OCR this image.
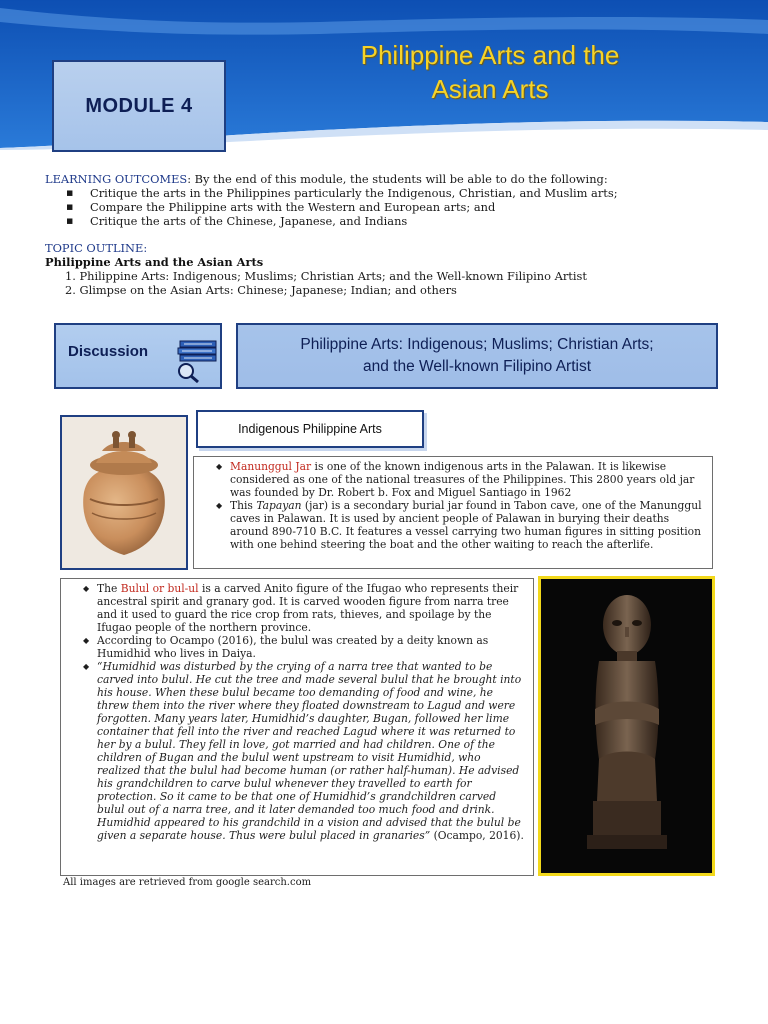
MODULE 4
Philippine Arts and the
Asian Arts
LEARNING OUTCOMES: By the end of this module, the students will be able to do the following:
▪ Critique the arts in the Philippines particularly the Indigenous, Christian, and Muslim arts;
▪ Compare the Philippine arts with the Western and European arts; and
▪ Critique the arts of the Chinese, Japanese, and Indians
TOPIC OUTLINE:
Philippine Arts and the Asian Arts
1. Philippine Arts: Indigenous; Muslims; Christian Arts; and the Well-known Filipino Artist
2. Glimpse on the Asian Arts: Chinese; Japanese; Indian; and others
Discussion	Philippine Arts: Indigenous; Muslims; Christian Arts;
and the Well-known Filipino Artist
Indigenous Philippine Arts
◆ Manunggul Jar is one of the known indigenous arts in the Palawan. It is likewise considered as one of the national treasures of the Philippines. This 2800 years old jar was founded by Dr. Robert b. Fox and Miguel Santiago in 1962
◆ This Tapayan (jar) is a secondary burial jar found in Tabon cave, one of the Manunggul caves in Palawan. It is used by ancient people of Palawan in burying their deaths around 890-710 B.C. It features a vessel carrying two human figures in sitting position with one behind steering the boat and the other waiting to reach the afterlife.
◆ The Bulul or bul-ul is a carved Anito figure of the Ifugao who represents their ancestral spirit and granary god. It is carved wooden figure from narra tree and it used to guard the rice crop from rats, thieves, and spoilage by the Ifugao people of the northern province.
◆ According to Ocampo (2016), the bulul was created by a deity known as Humidhid who lives in Daiya.
◆ “Humidhid was disturbed by the crying of a narra tree that wanted to be carved into bulul. He cut the tree and made several bulul that he brought into his house. When these bulul became too demanding of food and wine, he threw them into the river where they floated downstream to Lagud and were forgotten. Many years later, Humidhid’s daughter, Bugan, followed her lime container that fell into the river and reached Lagud where it was returned to her by a bulul. They fell in love, got married and had children. One of the children of Bugan and the bulul went upstream to visit Humidhid, who realized that the bulul had become human (or rather half-human). He advised his grandchildren to carve bulul whenever they travelled to earth for protection. So it came to be that one of Humidhid’s grandchildren carved bulul out of a narra tree, and it later demanded too much food and drink. Humidhid appeared to his grandchild in a vision and advised that the bulul be given a separate house. Thus were bulul placed in granaries” (Ocampo, 2016).
All images are retrieved from google search.com
